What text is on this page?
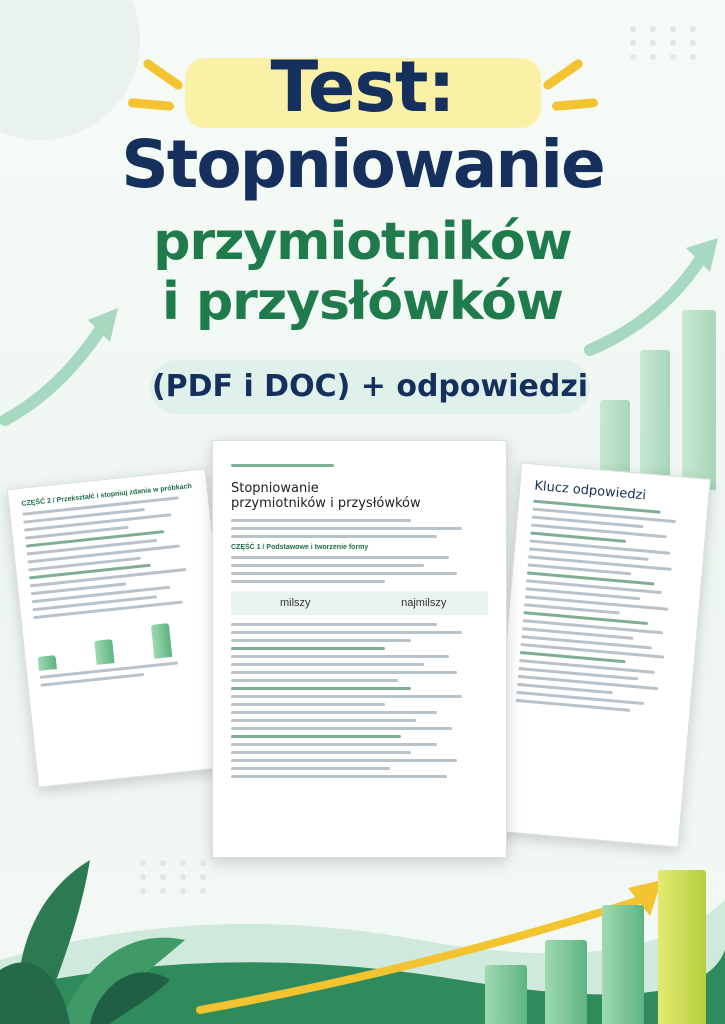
Test:
Stopniowanie
przymiotników
i przysłówków
(PDF i DOC) + odpowiedzi
CZĘŚĆ 2 / Przekształć i stopniuj zdania w próbkach	Klucz odpowiedzi
Stopniowanie
przymiotników i przysłówków
CZĘŚĆ 1 / Podstawowe i tworzenie formy
milszy	najmilszy
